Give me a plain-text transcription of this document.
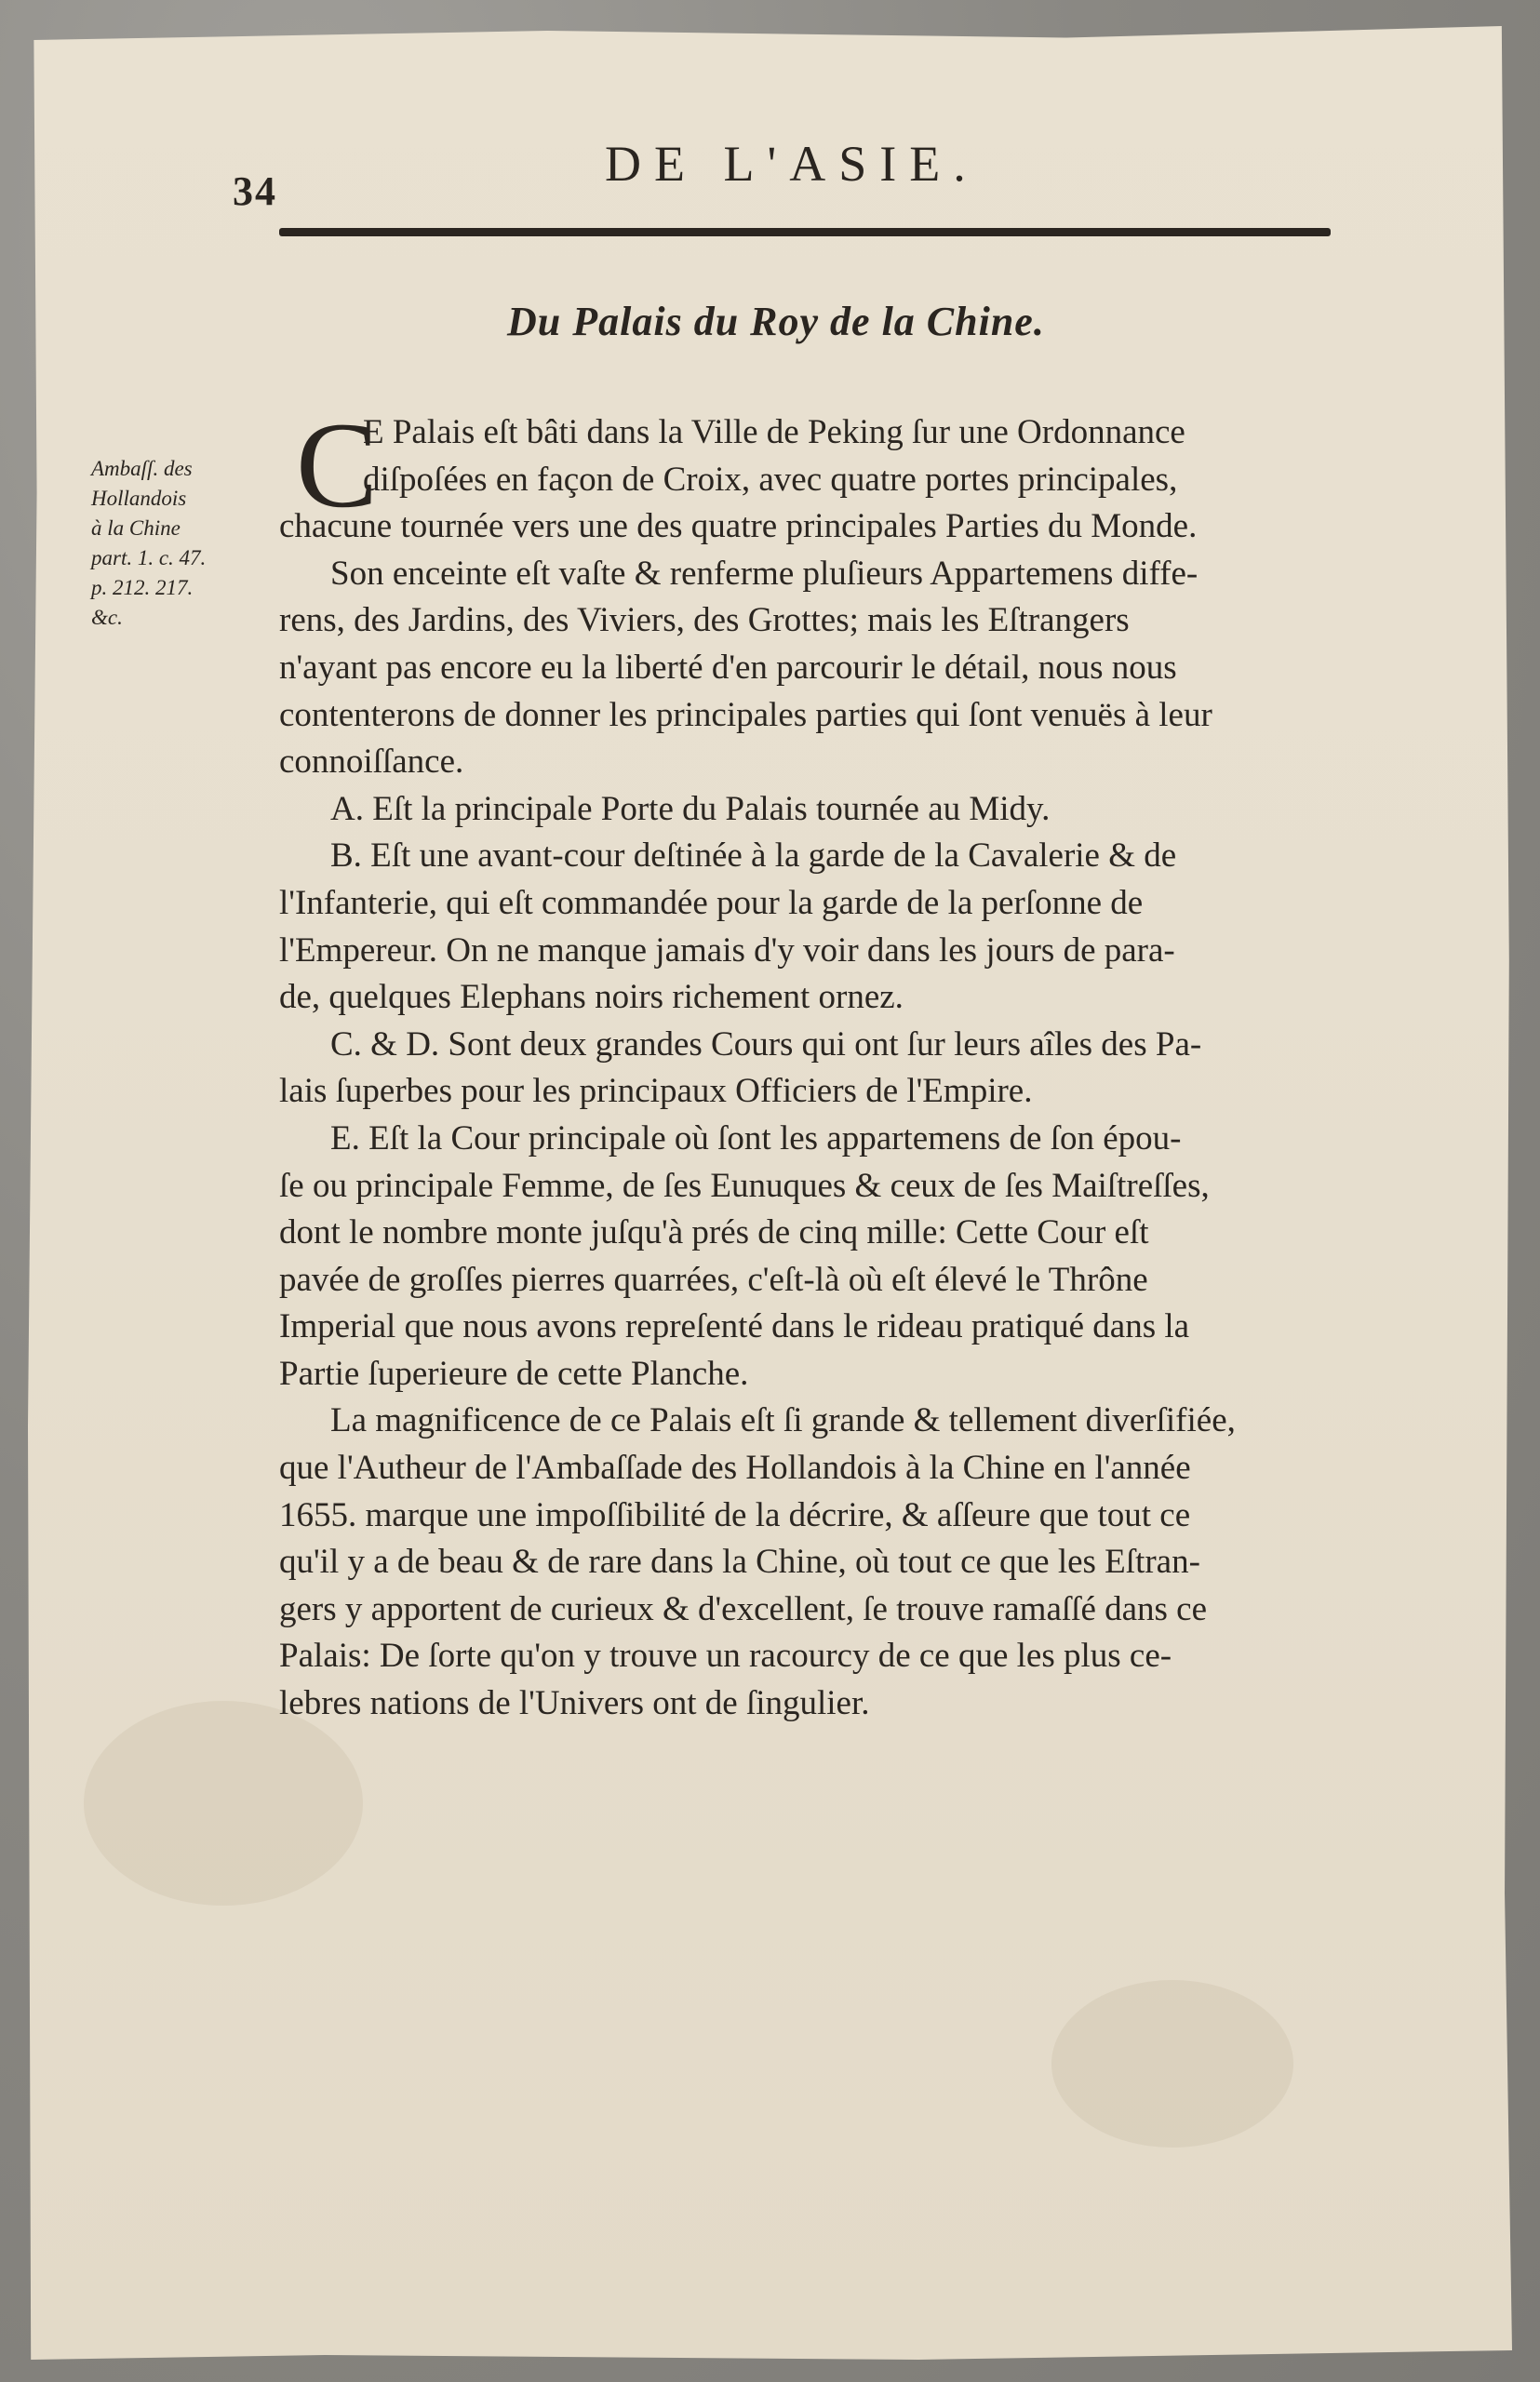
34	DE L'ASIE.
Du Palais du Roy de la Chine.
Ambaſſ. des
Hollandois
à la Chine
part. 1. c. 47.
p. 212. 217.
&c.
C
E Palais eſt bâti dans la Ville de Peking ſur une Ordonnance
diſpoſées en façon de Croix, avec quatre portes principales,
chacune tournée vers une des quatre principales Parties du Monde.
Son enceinte eſt vaſte & renferme pluſieurs Appartemens diffe-
rens, des Jardins, des Viviers, des Grottes; mais les Eſtrangers
n'ayant pas encore eu la liberté d'en parcourir le détail, nous nous
contenterons de donner les principales parties qui ſont venuës à leur
connoiſſance.
A. Eſt la principale Porte du Palais tournée au Midy.
B. Eſt une avant-cour deſtinée à la garde de la Cavalerie & de
l'Infanterie, qui eſt commandée pour la garde de la perſonne de
l'Empereur. On ne manque jamais d'y voir dans les jours de para-
de, quelques Elephans noirs richement ornez.
C. & D. Sont deux grandes Cours qui ont ſur leurs aîles des Pa-
lais ſuperbes pour les principaux Officiers de l'Empire.
E. Eſt la Cour principale où ſont les appartemens de ſon épou-
ſe ou principale Femme, de ſes Eunuques & ceux de ſes Maiſtreſſes,
dont le nombre monte juſqu'à prés de cinq mille: Cette Cour eſt
pavée de groſſes pierres quarrées, c'eſt-là où eſt élevé le Thrône
Imperial que nous avons repreſenté dans le rideau pratiqué dans la
Partie ſuperieure de cette Planche.
La magnificence de ce Palais eſt ſi grande & tellement diverſifiée,
que l'Autheur de l'Ambaſſade des Hollandois à la Chine en l'année
1655. marque une impoſſibilité de la décrire, & aſſeure que tout ce
qu'il y a de beau & de rare dans la Chine, où tout ce que les Eſtran-
gers y apportent de curieux & d'excellent, ſe trouve ramaſſé dans ce
Palais: De ſorte qu'on y trouve un racourcy de ce que les plus ce-
lebres nations de l'Univers ont de ſingulier.
